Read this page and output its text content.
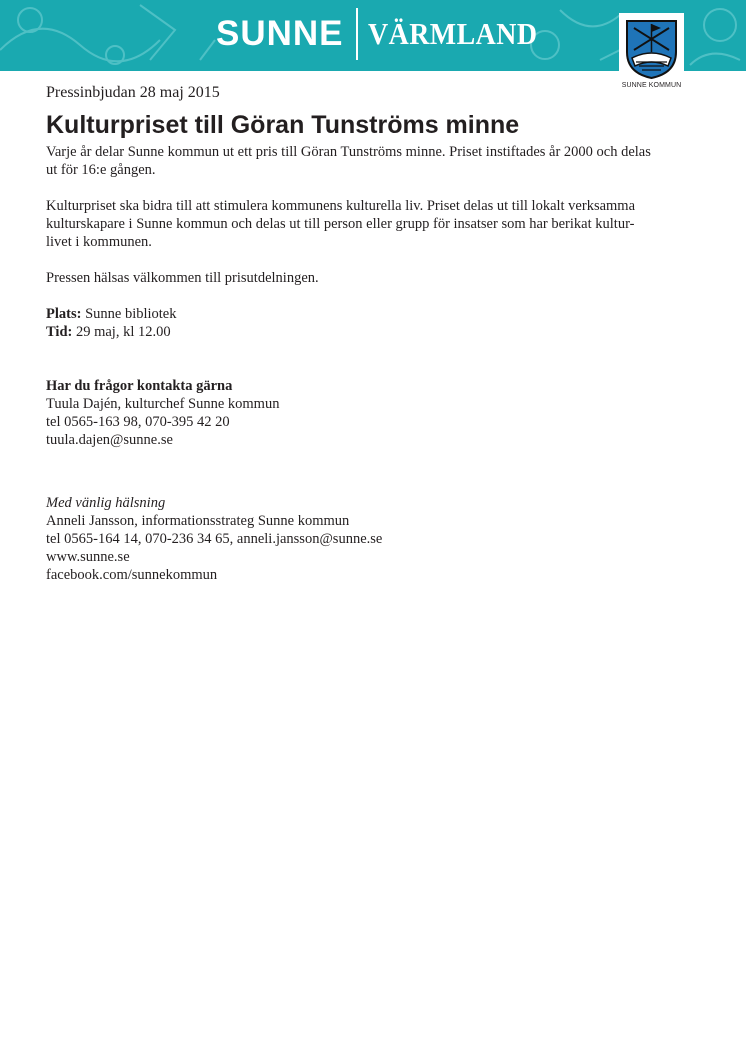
SUNNE VÄRMLAND
SUNNE KOMMUN

Pressinbjudan 28 maj 2015

Kulturpriset till Göran Tunströms minne

Varje år delar Sunne kommun ut ett pris till Göran Tunströms minne. Priset instiftades år 2000 och delas

ut för 16:e gången.

Kulturpriset ska bidra till att stimulera kommunens kulturella liv. Priset delas ut till lokalt verksamma

kulturskapare i Sunne kommun och delas ut till person eller grupp för insatser som har berikat kultur-

livet i kommunen.

Pressen hälsas välkommen till prisutdelningen.

Plats: Sunne bibliotek

Tid: 29 maj, kl 12.00

Har du frågor kontakta gärna

Tuula Dajén, kulturchef Sunne kommun

tel 0565-163 98, 070-395 42 20

tuula.dajen@sunne.se

Med vänlig hälsning

Anneli Jansson, informationsstrateg Sunne kommun

tel 0565-164 14, 070-236 34 65, anneli.jansson@sunne.se

www.sunne.se

facebook.com/sunnekommun
